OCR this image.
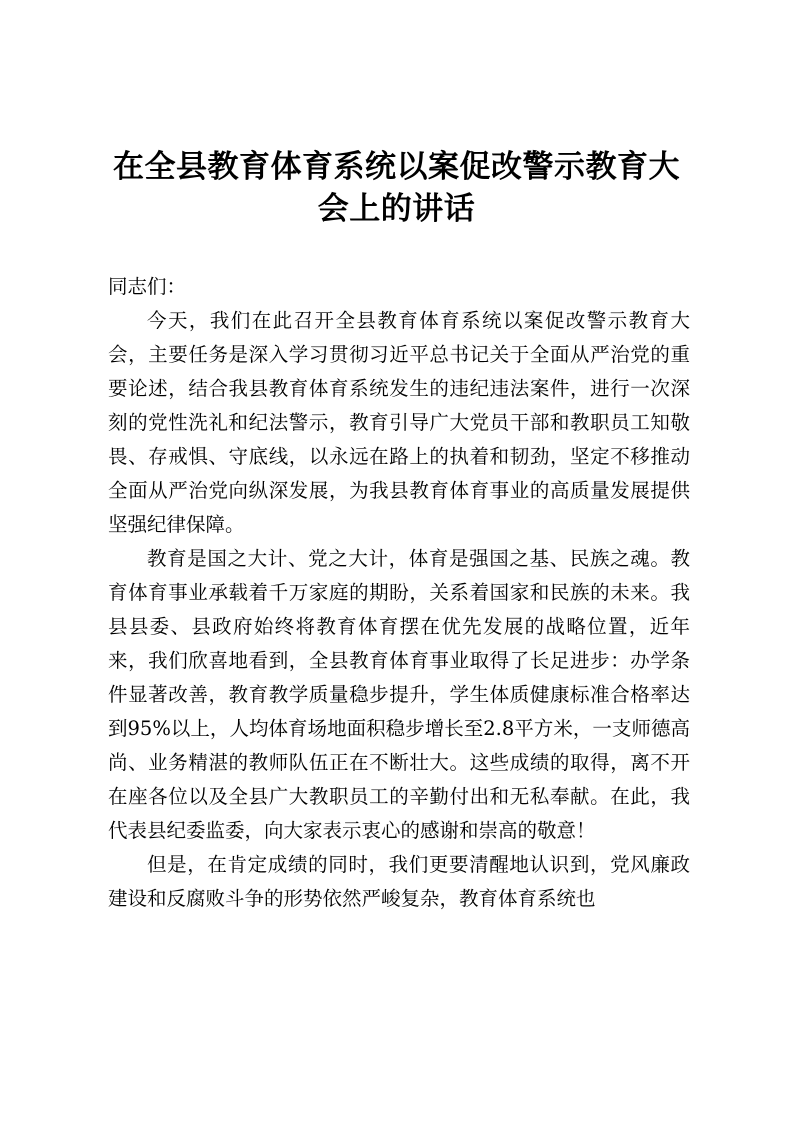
在全县教育体育系统以案促改警示教育大会上的讲话

同志们：

今天，我们在此召开全县教育体育系统以案促改警示教育大会，主要任务是深入学习贯彻习近平总书记关于全面从严治党的重要论述，结合我县教育体育系统发生的违纪违法案件，进行一次深刻的党性洗礼和纪法警示，教育引导广大党员干部和教职员工知敬畏、存戒惧、守底线，以永远在路上的执着和韧劲，坚定不移推动全面从严治党向纵深发展，为我县教育体育事业的高质量发展提供坚强纪律保障。

教育是国之大计、党之大计，体育是强国之基、民族之魂。教育体育事业承载着千万家庭的期盼，关系着国家和民族的未来。我县县委、县政府始终将教育体育摆在优先发展的战略位置，近年来，我们欣喜地看到，全县教育体育事业取得了长足进步：办学条件显著改善，教育教学质量稳步提升，学生体质健康标准合格率达到95%以上，人均体育场地面积稳步增长至2.8平方米，一支师德高尚、业务精湛的教师队伍正在不断壮大。这些成绩的取得，离不开在座各位以及全县广大教职员工的辛勤付出和无私奉献。在此，我代表县纪委监委，向大家表示衷心的感谢和崇高的敬意！

但是，在肯定成绩的同时，我们更要清醒地认识到，党风廉政建设和反腐败斗争的形势依然严峻复杂，教育体育系统也
